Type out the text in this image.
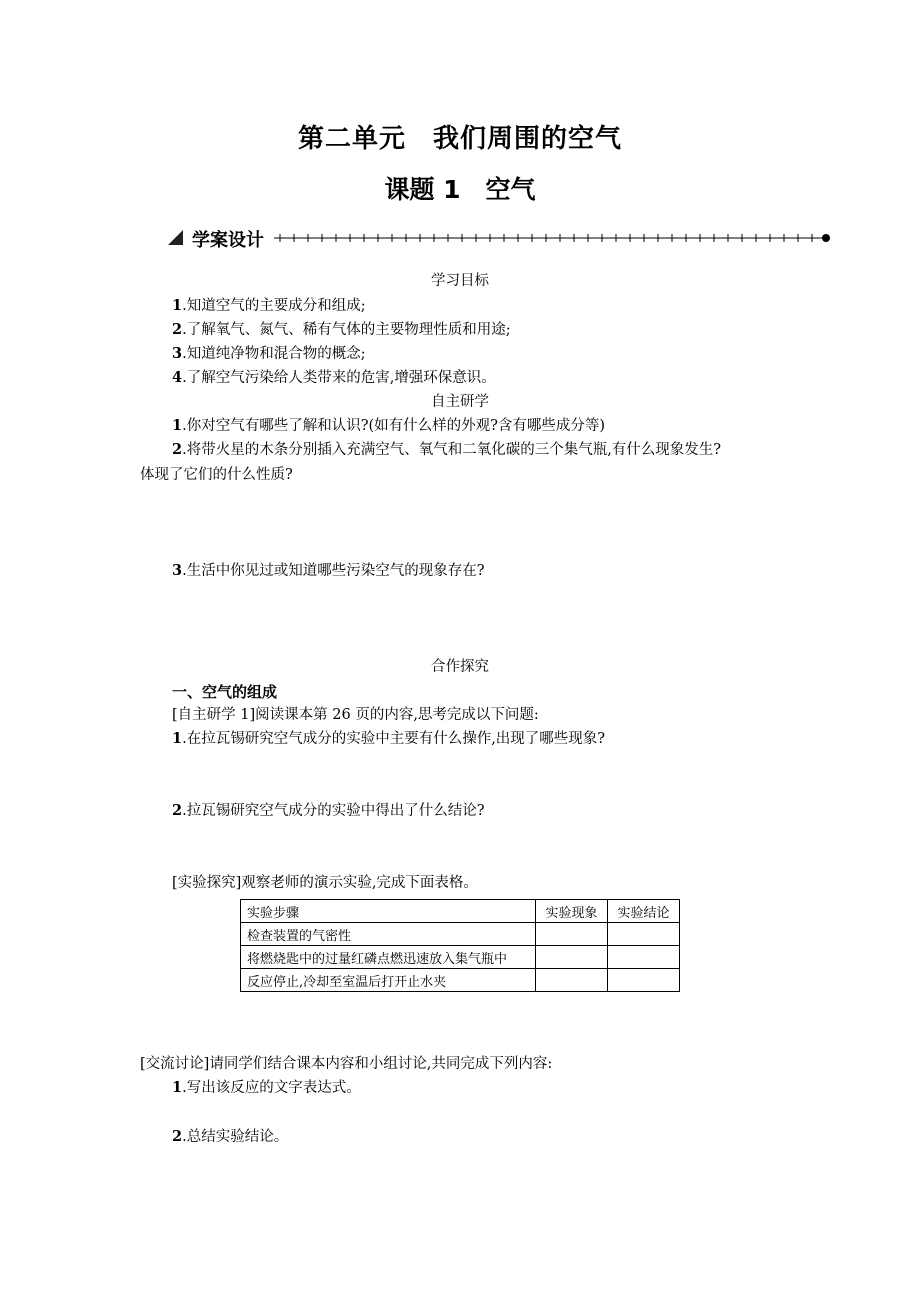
第二单元　我们周围的空气
课题 1　空气
学案设计
学习目标
1.知道空气的主要成分和组成;
2.了解氧气、氮气、稀有气体的主要物理性质和用途;
3.知道纯净物和混合物的概念;
4.了解空气污染给人类带来的危害,增强环保意识。
自主研学
1.你对空气有哪些了解和认识?(如有什么样的外观?含有哪些成分等)
2.将带火星的木条分别插入充满空气、氧气和二氧化碳的三个集气瓶,有什么现象发生?
体现了它们的什么性质?
3.生活中你见过或知道哪些污染空气的现象存在?
合作探究
一、空气的组成
[自主研学 1]阅读课本第 26 页的内容,思考完成以下问题:
1.在拉瓦锡研究空气成分的实验中主要有什么操作,出现了哪些现象?
2.拉瓦锡研究空气成分的实验中得出了什么结论?
[实验探究]观察老师的演示实验,完成下面表格。
实验步骤	实验现象	实验结论
检查装置的气密性		
将燃烧匙中的过量红磷点燃迅速放入集气瓶中		
反应停止,冷却至室温后打开止水夹		
[交流讨论]请同学们结合课本内容和小组讨论,共同完成下列内容:
1.写出该反应的文字表达式。
2.总结实验结论。
